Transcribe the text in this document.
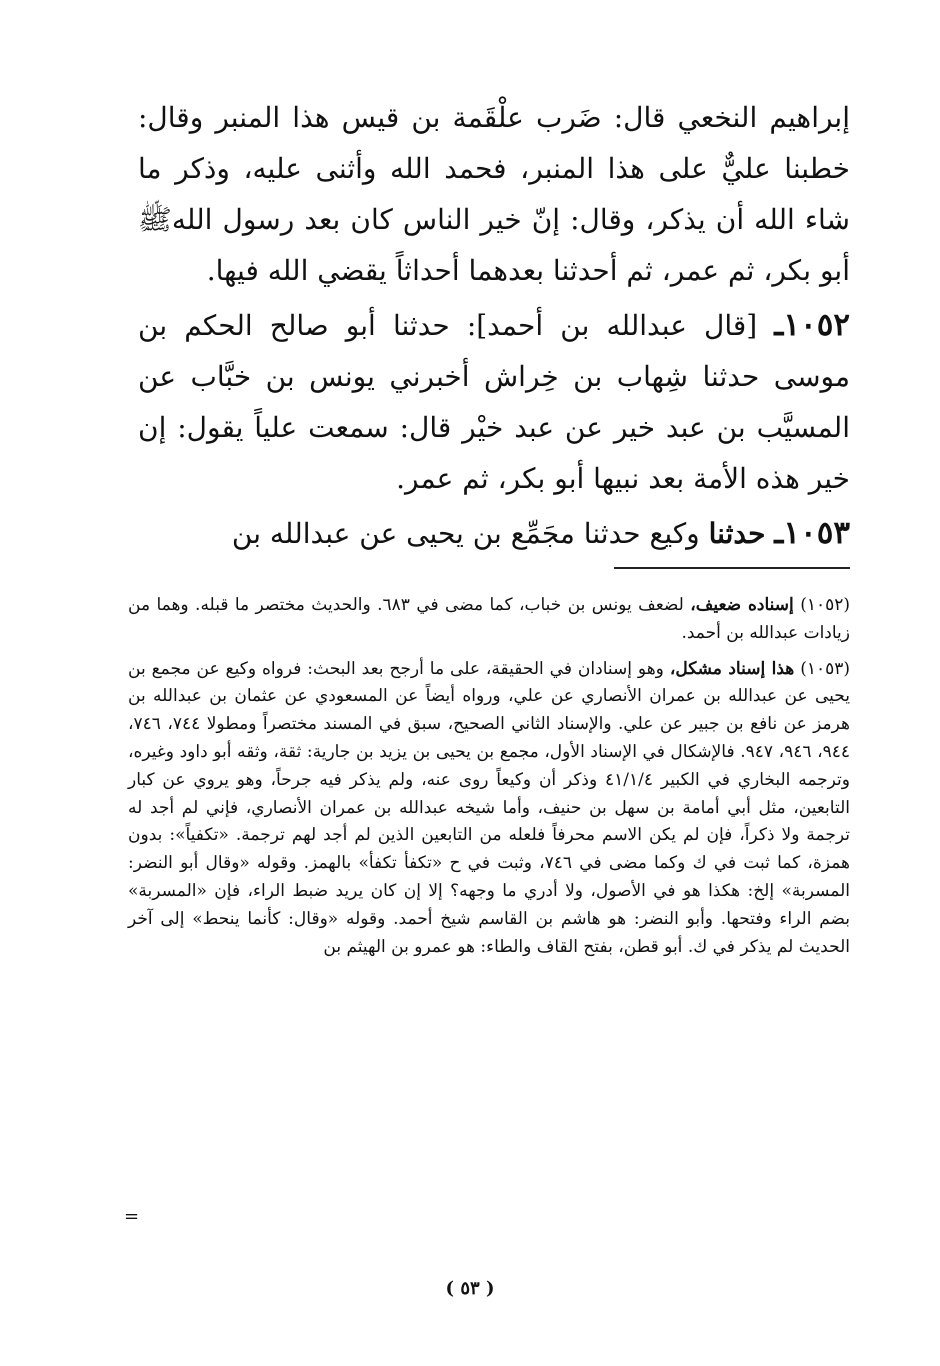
إبراهيم النخعي قال: ضَرب علْقَمة بن قيس هذا المنبر وقال: خطبنا عليٌّ على هذا المنبر، فحمد الله وأثنى عليه، وذكر ما شاء الله أن يذكر، وقال: إنّ خير الناس كان بعد رسول اللهﷺ أبو بكر، ثم عمر، ثم أحدثنا بعدهما أحداثاً يقضي الله فيها.

١٠٥٢ـ [قال عبدالله بن أحمد]: حدثنا أبو صالح الحكم بن موسى حدثنا شِهاب بن خِراش أخبرني يونس بن خبَّاب عن المسيَّب بن عبد خير عن عبد خيْر قال: سمعت علياً يقول: إن خير هذه الأمة بعد نبيها أبو بكر، ثم عمر.

١٠٥٣ـ حدثنا وكيع حدثنا مجَمِّع بن يحيى عن عبدالله بن

(١٠٥٢) إسناده ضعيف، لضعف يونس بن خباب، كما مضى في ٦٨٣. والحديث مختصر ما قبله. وهما من زيادات عبدالله بن أحمد.

(١٠٥٣) هذا إسناد مشكل، وهو إسنادان في الحقيقة، على ما أرجح بعد البحث: فرواه وكيع عن مجمع بن يحيى عن عبدالله بن عمران الأنصاري عن علي، ورواه أيضاً عن المسعودي عن عثمان بن عبدالله بن هرمز عن نافع بن جبير عن علي. والإسناد الثاني الصحيح، سبق في المسند مختصراً ومطولا ٧٤٤، ٧٤٦، ٩٤٤، ٩٤٦، ٩٤٧. فالإشكال في الإسناد الأول، مجمع بن يحيى بن يزيد بن جارية: ثقة، وثقه أبو داود وغيره، وترجمه البخاري في الكبير ٤١/١/٤ وذكر أن وكيعاً روى عنه، ولم يذكر فيه جرحاً، وهو يروي عن كبار التابعين، مثل أبي أمامة بن سهل بن حنيف، وأما شيخه عبدالله بن عمران الأنصاري، فإني لم أجد له ترجمة ولا ذكراً، فإن لم يكن الاسم محرفاً فلعله من التابعين الذين لم أجد لهم ترجمة. «تكفياً»: بدون همزة، كما ثبت في ك وكما مضى في ٧٤٦، وثبت في ح «تكفأ تكفأ» بالهمز. وقوله «وقال أبو النضر: المسربة» إلخ: هكذا هو في الأصول، ولا أدري ما وجهه؟ إلا إن كان يريد ضبط الراء، فإن «المسربة» بضم الراء وفتحها. وأبو النضر: هو هاشم بن القاسم شيخ أحمد. وقوله «وقال: كأنما ينحط» إلى آخر الحديث لم يذكر في ك. أبو قطن، بفتح القاف والطاء: هو عمرو بن الهيثم بن

=
( ٥٣ )
